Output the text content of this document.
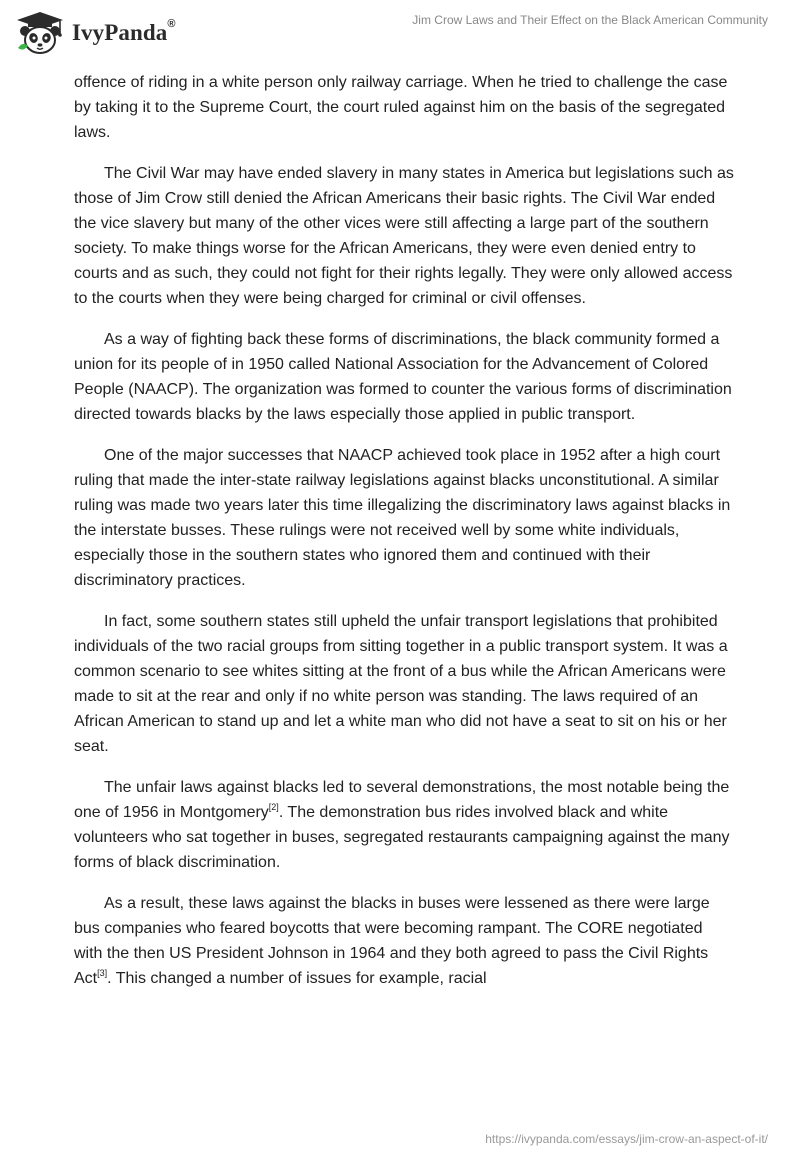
IvyPanda®	Jim Crow Laws and Their Effect on the Black American Community

offence of riding in a white person only railway carriage. When he tried to challenge the case by taking it to the Supreme Court, the court ruled against him on the basis of the segregated laws.

The Civil War may have ended slavery in many states in America but legislations such as those of Jim Crow still denied the African Americans their basic rights. The Civil War ended the vice slavery but many of the other vices were still affecting a large part of the southern society. To make things worse for the African Americans, they were even denied entry to courts and as such, they could not fight for their rights legally. They were only allowed access to the courts when they were being charged for criminal or civil offenses.

As a way of fighting back these forms of discriminations, the black community formed a union for its people of in 1950 called National Association for the Advancement of Colored People (NAACP). The organization was formed to counter the various forms of discrimination directed towards blacks by the laws especially those applied in public transport.

One of the major successes that NAACP achieved took place in 1952 after a high court ruling that made the inter-state railway legislations against blacks unconstitutional. A similar ruling was made two years later this time illegalizing the discriminatory laws against blacks in the interstate busses. These rulings were not received well by some white individuals, especially those in the southern states who ignored them and continued with their discriminatory practices.

In fact, some southern states still upheld the unfair transport legislations that prohibited individuals of the two racial groups from sitting together in a public transport system. It was a common scenario to see whites sitting at the front of a bus while the African Americans were made to sit at the rear and only if no white person was standing. The laws required of an African American to stand up and let a white man who did not have a seat to sit on his or her seat.

The unfair laws against blacks led to several demonstrations, the most notable being the one of 1956 in Montgomery[2]. The demonstration bus rides involved black and white volunteers who sat together in buses, segregated restaurants campaigning against the many forms of black discrimination.

As a result, these laws against the blacks in buses were lessened as there were large bus companies who feared boycotts that were becoming rampant. The CORE negotiated with the then US President Johnson in 1964 and they both agreed to pass the Civil Rights Act[3]. This changed a number of issues for example, racial

https://ivypanda.com/essays/jim-crow-an-aspect-of-it/
